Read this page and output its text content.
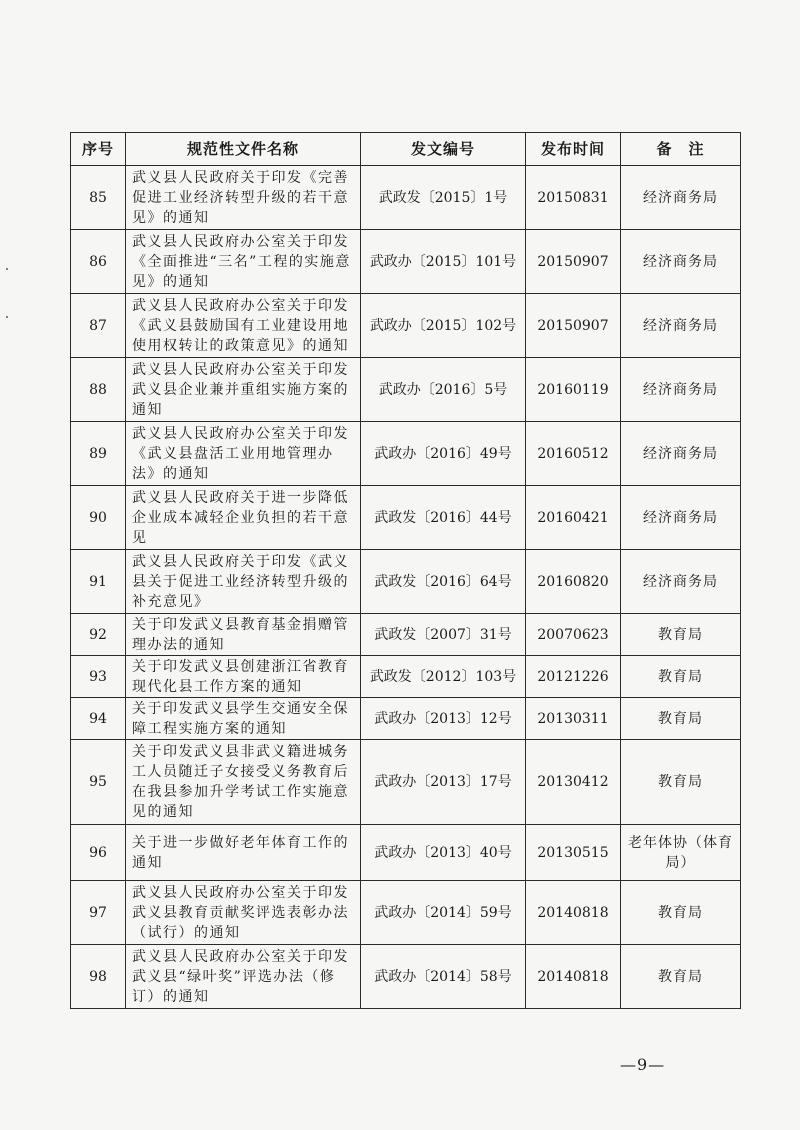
序号	规范性文件名称	发文编号	发布时间	备　注
85	武义县人民政府关于印发《完善促进工业经济转型升级的若干意见》的通知	武政发〔2015〕1号	20150831	经济商务局
86	武义县人民政府办公室关于印发《全面推进“三名”工程的实施意见》的通知	武政办〔2015〕101号	20150907	经济商务局
87	武义县人民政府办公室关于印发《武义县鼓励国有工业建设用地使用权转让的政策意见》的通知	武政办〔2015〕102号	20150907	经济商务局
88	武义县人民政府办公室关于印发武义县企业兼并重组实施方案的通知	武政办〔2016〕5号	20160119	经济商务局
89	武义县人民政府办公室关于印发《武义县盘活工业用地管理办法》的通知	武政办〔2016〕49号	20160512	经济商务局
90	武义县人民政府关于进一步降低企业成本减轻企业负担的若干意见	武政发〔2016〕44号	20160421	经济商务局
91	武义县人民政府关于印发《武义县关于促进工业经济转型升级的补充意见》	武政发〔2016〕64号	20160820	经济商务局
92	关于印发武义县教育基金捐赠管理办法的通知	武政发〔2007〕31号	20070623	教育局
93	关于印发武义县创建浙江省教育现代化县工作方案的通知	武政发〔2012〕103号	20121226	教育局
94	关于印发武义县学生交通安全保障工程实施方案的通知	武政办〔2013〕12号	20130311	教育局
95	关于印发武义县非武义籍进城务工人员随迁子女接受义务教育后在我县参加升学考试工作实施意见的通知	武政办〔2013〕17号	20130412	教育局
96	关于进一步做好老年体育工作的通知	武政办〔2013〕40号	20130515	老年体协（体育局）
97	武义县人民政府办公室关于印发武义县教育贡献奖评选表彰办法（试行）的通知	武政办〔2014〕59号	20140818	教育局
98	武义县人民政府办公室关于印发武义县“绿叶奖”评选办法（修订）的通知	武政办〔2014〕58号	20140818	教育局
—9—
